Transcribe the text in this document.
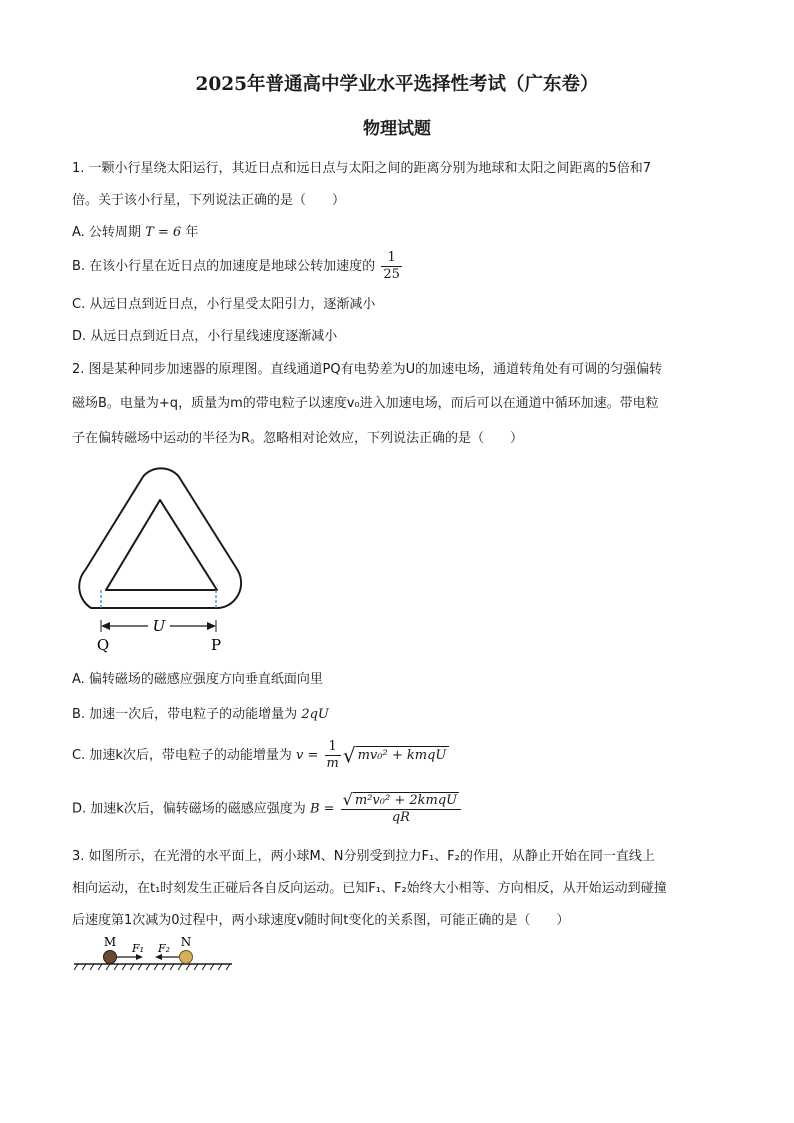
2025年普通高中学业水平选择性考试（广东卷）
物理试题
1. 一颗小行星绕太阳运行，其近日点和远日点与太阳之间的距离分别为地球和太阳之间距离的5倍和7
倍。关于该小行星，下列说法正确的是（　　）
A. 公转周期 T = 6 年
B. 在该小行星在近日点的加速度是地球公转加速度的 $\frac{1}{25}$
C. 从远日点到近日点，小行星受太阳引力，逐渐减小
D. 从远日点到近日点，小行星线速度逐渐减小
2. 图是某种同步加速器的原理图。直线通道PQ有电势差为U的加速电场，通道转角处有可调的匀强偏转
磁场B。电量为+q，质量为m的带电粒子以速度v₀进入加速电场，而后可以在通道中循环加速。带电粒
子在偏转磁场中运动的半径为R。忽略相对论效应，下列说法正确的是（　　）
U
Q	P
A. 偏转磁场的磁感应强度方向垂直纸面向里
B. 加速一次后，带电粒子的动能增量为 2qU
C. 加速k次后，带电粒子的动能增量为 $v = \frac{1}{m}$ √ mv₀² + kmqU
D. 加速k次后，偏转磁场的磁感应强度为 $B = \frac{\text{√ m²v₀² + 2kmqU}}{qR}$
3. 如图所示，在光滑的水平面上，两小球M、N分别受到拉力F₁、F₂的作用，从静止开始在同一直线上
相向运动，在t₁时刻发生正碰后各自反向运动。已知F₁、F₂始终大小相等、方向相反，从开始运动到碰撞
后速度第1次减为0过程中，两小球速度v随时间t变化的关系图，可能正确的是（　　）
M	N
F₁ F₂
